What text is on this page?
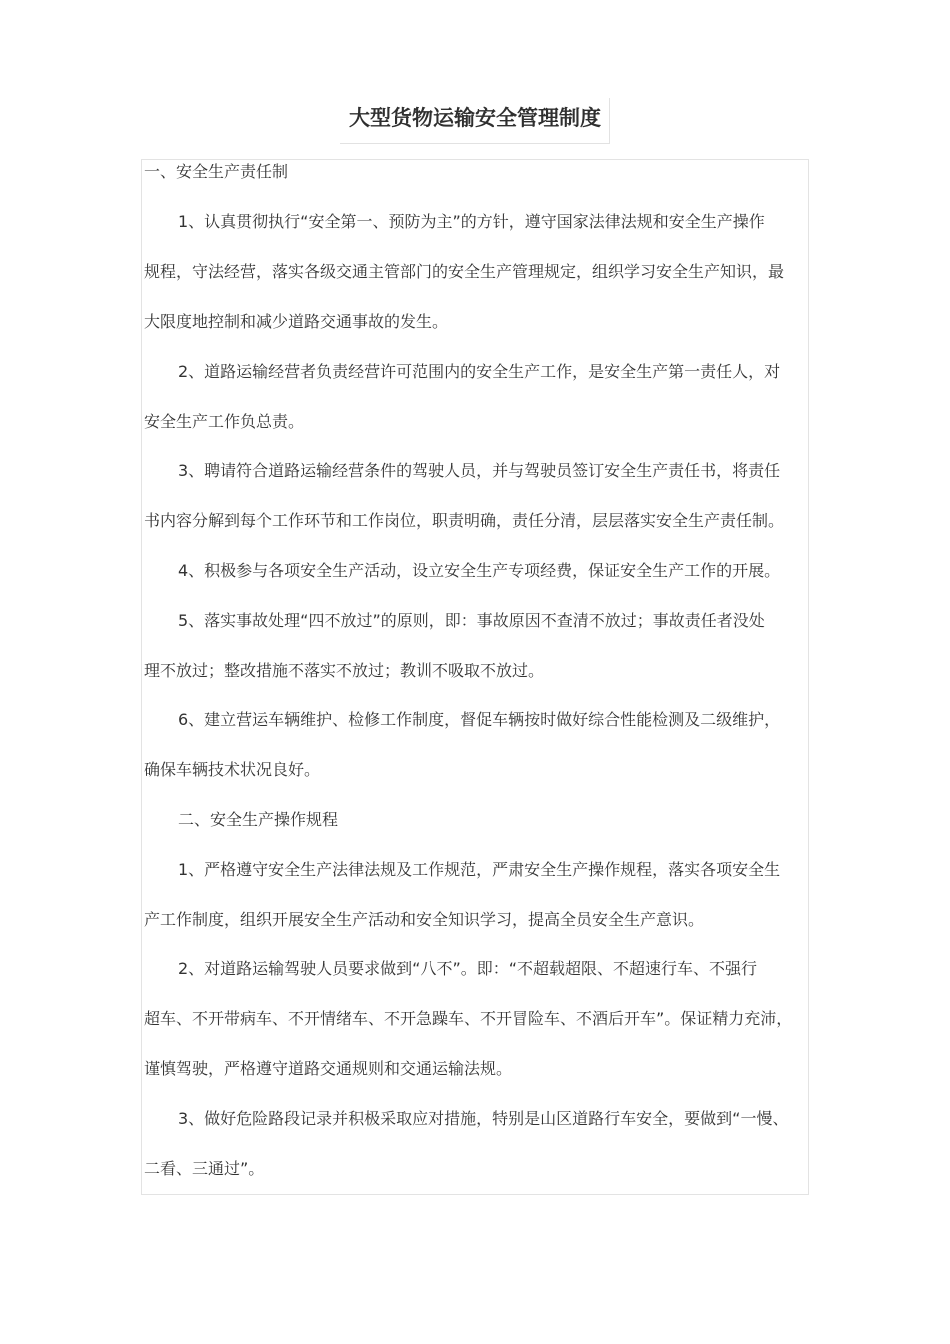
大型货物运输安全管理制度
一、安全生产责任制
1、认真贯彻执行“安全第一、预防为主”的方针，遵守国家法律法规和安全生产操作
规程，守法经营，落实各级交通主管部门的安全生产管理规定，组织学习安全生产知识，最
大限度地控制和减少道路交通事故的发生。
2、道路运输经营者负责经营许可范围内的安全生产工作，是安全生产第一责任人，对
安全生产工作负总责。
3、聘请符合道路运输经营条件的驾驶人员，并与驾驶员签订安全生产责任书，将责任
书内容分解到每个工作环节和工作岗位，职责明确，责任分清，层层落实安全生产责任制。
4、积极参与各项安全生产活动，设立安全生产专项经费，保证安全生产工作的开展。
5、落实事故处理“四不放过”的原则，即：事故原因不查清不放过；事故责任者没处
理不放过；整改措施不落实不放过；教训不吸取不放过。
6、建立营运车辆维护、检修工作制度，督促车辆按时做好综合性能检测及二级维护，
确保车辆技术状况良好。
二、安全生产操作规程
1、严格遵守安全生产法律法规及工作规范，严肃安全生产操作规程，落实各项安全生
产工作制度，组织开展安全生产活动和安全知识学习，提高全员安全生产意识。
2、对道路运输驾驶人员要求做到“八不”。即：“不超载超限、不超速行车、不强行
超车、不开带病车、不开情绪车、不开急躁车、不开冒险车、不酒后开车”。保证精力充沛，
谨慎驾驶，严格遵守道路交通规则和交通运输法规。
3、做好危险路段记录并积极采取应对措施，特别是山区道路行车安全，要做到“一慢、
二看、三通过”。
